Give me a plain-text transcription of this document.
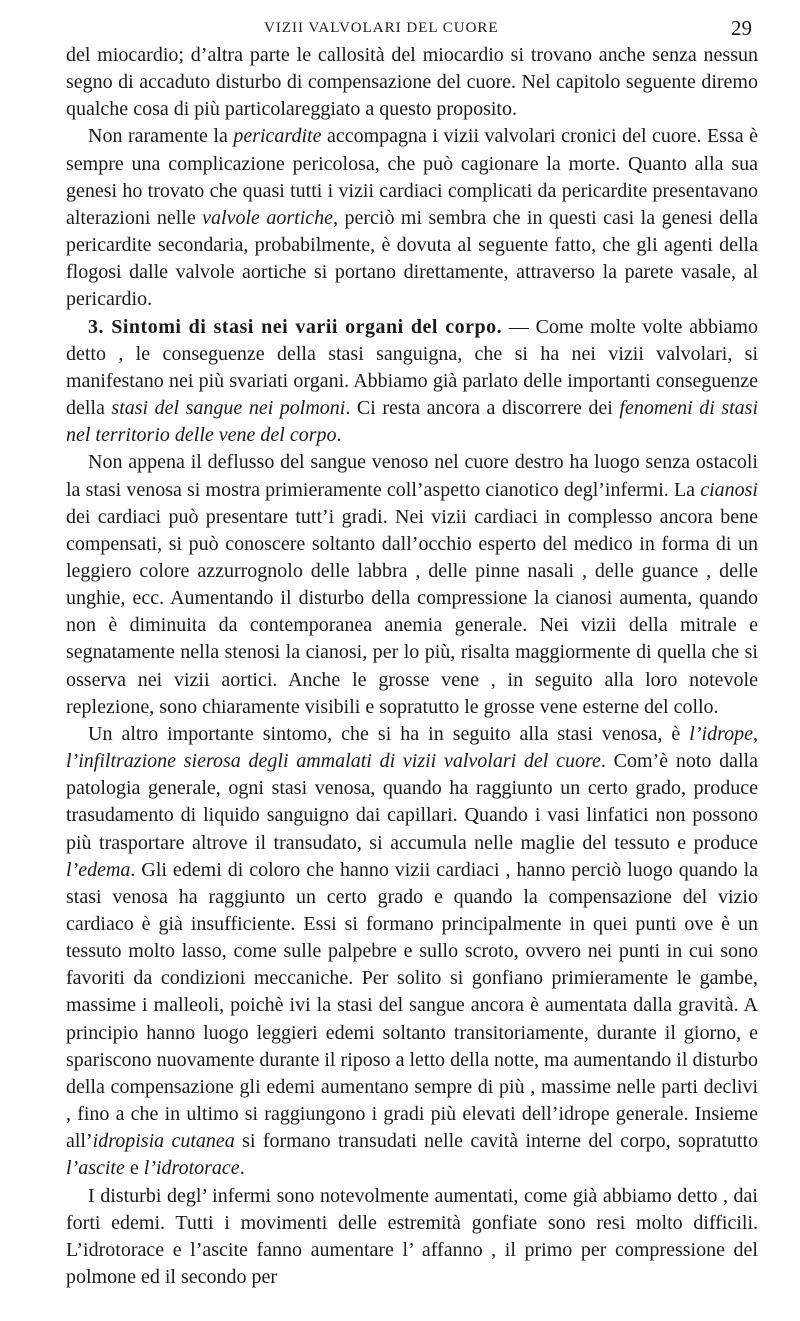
VIZII VALVOLARI DEL CUORE	29

del miocardio; d’altra parte le callosità del miocardio si trovano anche senza nessun segno di accaduto disturbo di compensazione del cuore. Nel capitolo seguente diremo qualche cosa di più particolareggiato a questo proposito.

Non raramente la pericardite accompagna i vizii valvolari cronici del cuore. Essa è sempre una complicazione pericolosa, che può cagionare la morte. Quanto alla sua genesi ho trovato che quasi tutti i vizii cardiaci complicati da pericardite presentavano alterazioni nelle valvole aortiche, perciò mi sembra che in questi casi la genesi della pericardite secondaria, probabilmente, è dovuta al seguente fatto, che gli agenti della flogosi dalle valvole aortiche si portano direttamente, attraverso la parete vasale, al pericardio.

3. Sintomi di stasi nei varii organi del corpo. — Come molte volte abbiamo detto , le conseguenze della stasi sanguigna, che si ha nei vizii valvolari, si manifestano nei più svariati organi. Abbiamo già parlato delle importanti conseguenze della stasi del sangue nei polmoni. Ci resta ancora a discorrere dei fenomeni di stasi nel territorio delle vene del corpo.

Non appena il deflusso del sangue venoso nel cuore destro ha luogo senza ostacoli la stasi venosa si mostra primieramente coll’aspetto cianotico degl’infermi. La cianosi dei cardiaci può presentare tutt’i gradi. Nei vizii cardiaci in complesso ancora bene compensati, si può conoscere soltanto dall’occhio esperto del medico in forma di un leggiero colore azzurrognolo delle labbra , delle pinne nasali , delle guance , delle unghie, ecc. Aumentando il disturbo della compressione la cianosi aumenta, quando non è diminuita da contemporanea anemia generale. Nei vizii della mitrale e segnatamente nella stenosi la cianosi, per lo più, risalta maggiormente di quella che si osserva nei vizii aortici. Anche le grosse vene , in seguito alla loro notevole replezione, sono chiaramente visibili e sopratutto le grosse vene esterne del collo.

Un altro importante sintomo, che si ha in seguito alla stasi venosa, è l’idrope, l’infiltrazione sierosa degli ammalati di vizii valvolari del cuore. Com’è noto dalla patologia generale, ogni stasi venosa, quando ha raggiunto un certo grado, produce trasudamento di liquido sanguigno dai capillari. Quando i vasi linfatici non possono più trasportare altrove il transudato, si accumula nelle maglie del tessuto e produce l’edema. Gli edemi di coloro che hanno vizii cardiaci , hanno perciò luogo quando la stasi venosa ha raggiunto un certo grado e quando la compensazione del vizio cardiaco è già insufficiente. Essi si formano principalmente in quei punti ove è un tessuto molto lasso, come sulle palpebre e sullo scroto, ovvero nei punti in cui sono favoriti da condizioni meccaniche. Per solito si gonfiano primieramente le gambe, massime i malleoli, poichè ivi la stasi del sangue ancora è aumentata dalla gravità. A principio hanno luogo leggieri edemi soltanto transitoriamente, durante il giorno, e spariscono nuovamente durante il riposo a letto della notte, ma aumentando il disturbo della compensazione gli edemi aumentano sempre di più , massime nelle parti declivi , fino a che in ultimo si raggiungono i gradi più elevati dell’idrope generale. Insieme all’idropisia cutanea si formano transudati nelle cavità interne del corpo, sopratutto l’ascite e l’idrotorace.

I disturbi degl’ infermi sono notevolmente aumentati, come già abbiamo detto , dai forti edemi. Tutti i movimenti delle estremità gonfiate sono resi molto difficili. L’idrotorace e l’ascite fanno aumentare l’ affanno , il primo per compressione del polmone ed il secondo per
